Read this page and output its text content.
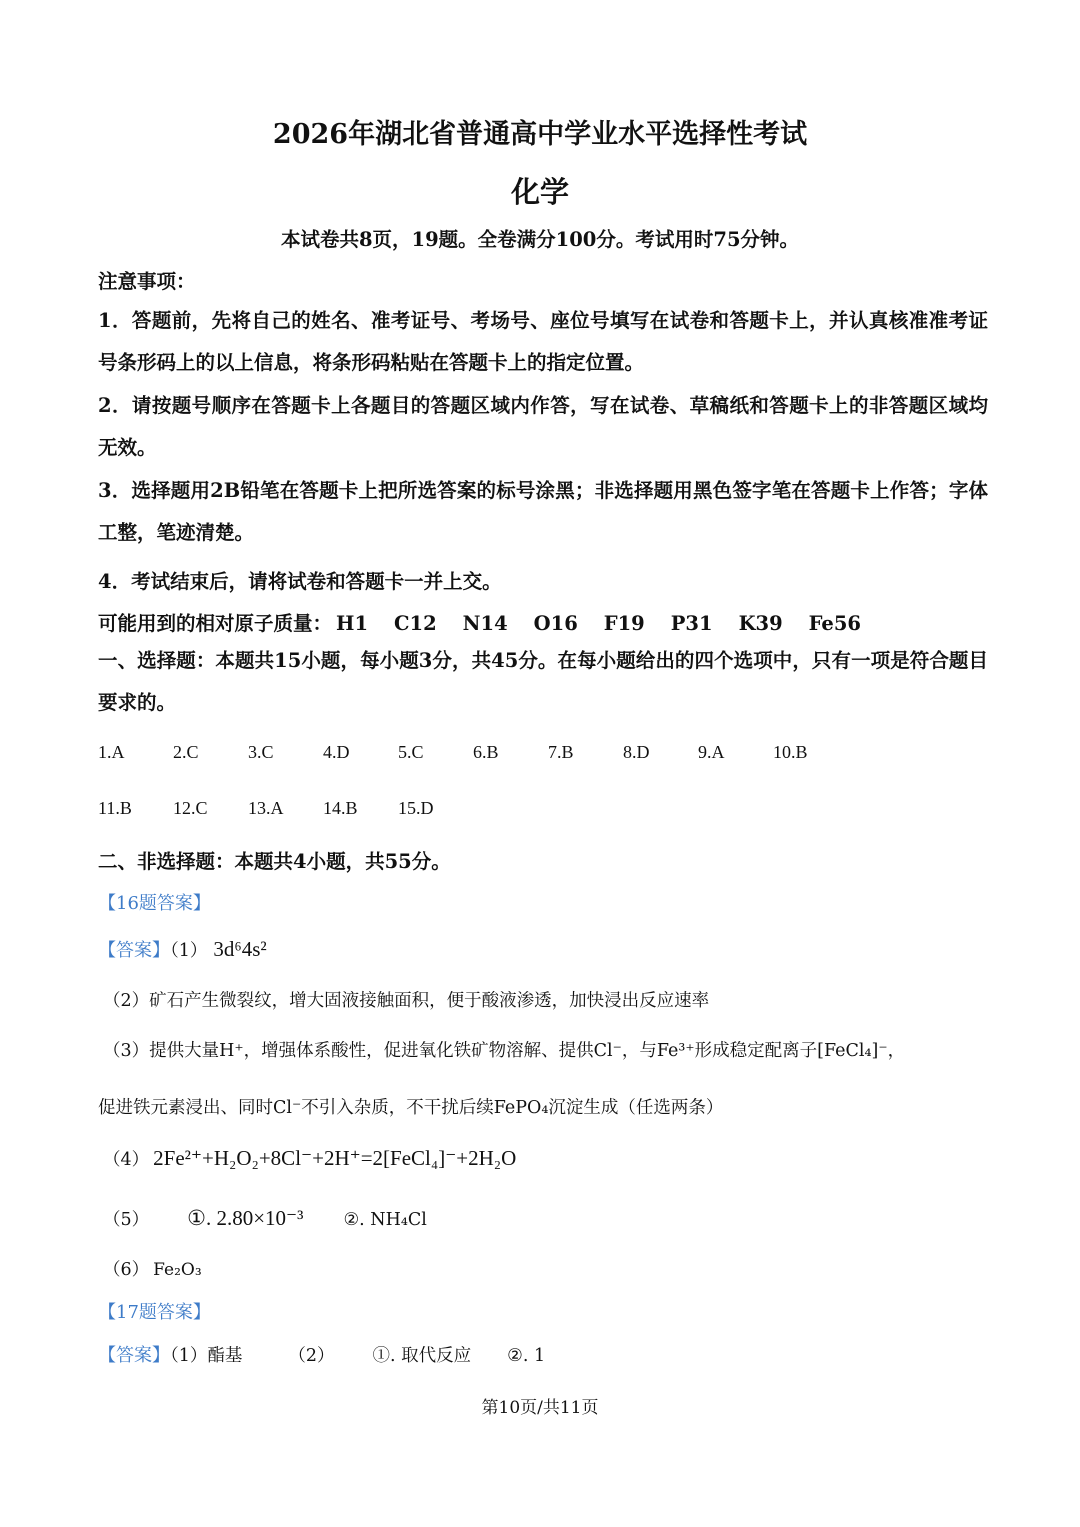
2026年湖北省普通高中学业水平选择性考试
化学
本试卷共8页，19题。全卷满分100分。考试用时75分钟。
注意事项：
1．答题前，先将自己的姓名、准考证号、考场号、座位号填写在试卷和答题卡上，并认真核准准考证号条形码上的以上信息，将条形码粘贴在答题卡上的指定位置。
2．请按题号顺序在答题卡上各题目的答题区域内作答，写在试卷、草稿纸和答题卡上的非答题区域均无效。
3．选择题用2B铅笔在答题卡上把所选答案的标号涂黑；非选择题用黑色签字笔在答题卡上作答；字体工整，笔迹清楚。
4．考试结束后，请将试卷和答题卡一并上交。
可能用到的相对原子质量： H1 C12 N14 O16 F19 P31 K39 Fe56
一、选择题：本题共15小题，每小题3分，共45分。在每小题给出的四个选项中，只有一项是符合题目要求的。
1.A	2.C	3.C	4.D	5.C	6.B	7.B	8.D	9.A	10.B
11.B 12.C 13.A 14.B 15.D
二、非选择题：本题共4小题，共55分。
【16题答案】
【答案】（1） 3d⁶4s²
（2）矿石产生微裂纹，增大固液接触面积，便于酸液渗透，加快浸出反应速率
（3）提供大量H⁺，增强体系酸性，促进氧化铁矿物溶解、提供Cl⁻，与Fe³⁺形成稳定配离子[FeCl₄]⁻，
促进铁元素浸出、同时Cl⁻不引入杂质，不干扰后续FePO₄沉淀生成（任选两条）
（4） 2Fe²⁺+H₂O₂+8Cl⁻+2H⁺=2[FeCl₄]⁻+2H₂O
（5） ①. 2.80×10⁻³ ②. NH₄Cl
（6） Fe₂O₃
【17题答案】
【答案】（1）酯基	（2） ①. 取代反应 ②. 1
第10页/共11页
